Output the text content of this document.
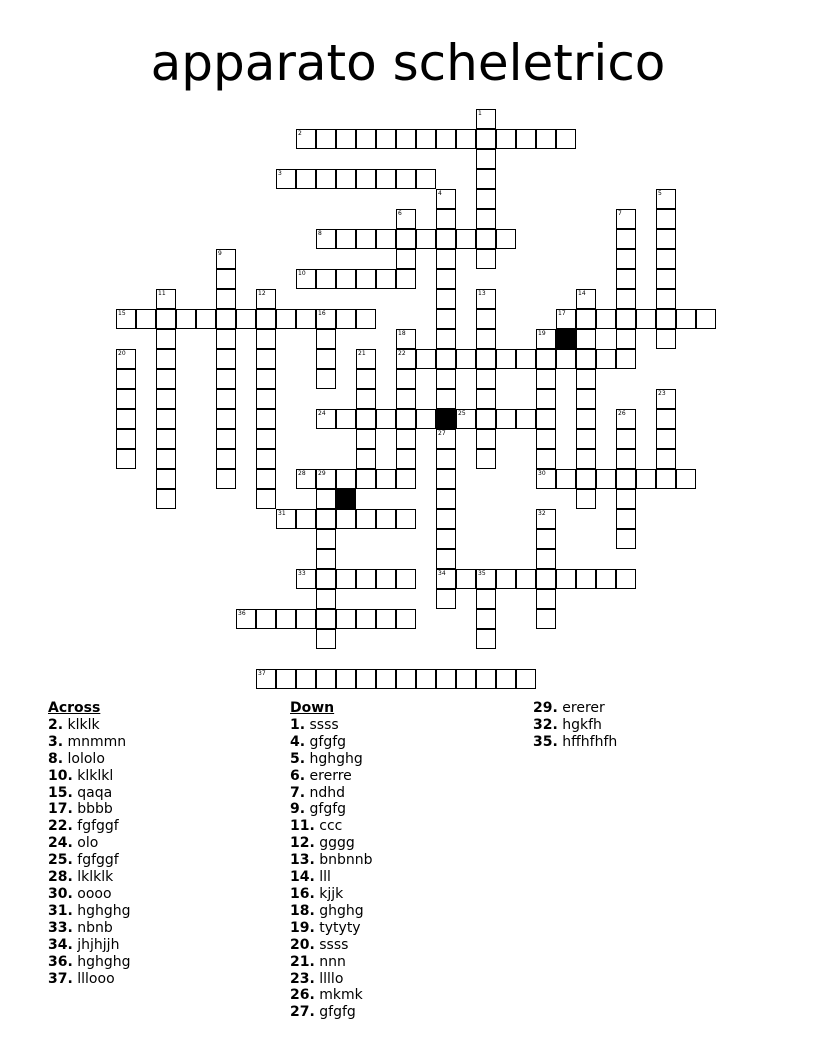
apparato scheletrico
1
2
3
4
27
34
5
6	7
8
9
10
11	12	13	14
15	16	17
18
22
19
30
20	21
23
24	25	26
28 29
31	32
33	35
36
37
Across
2. klklk
3. mnmmn
8. lololo
10. klklkl
15. qaqa
17. bbbb
22. fgfggf
24. olo
25. fgfggf
28. lklklk
30. oooo
31. hghghg
33. nbnb
34. jhjhjjh
36. hghghg
37. lllooo
Down
1. ssss
4. gfgfg
5. hghghg
6. ererre
7. ndhd
9. gfgfg
11. ccc
12. gggg
13. bnbnnb
14. lll
16. kjjk
18. ghghg
19. tytyty
20. ssss
21. nnn
23. llllo
26. mkmk
27. gfgfg
29. ererer
32. hgkfh
35. hffhfhfh
